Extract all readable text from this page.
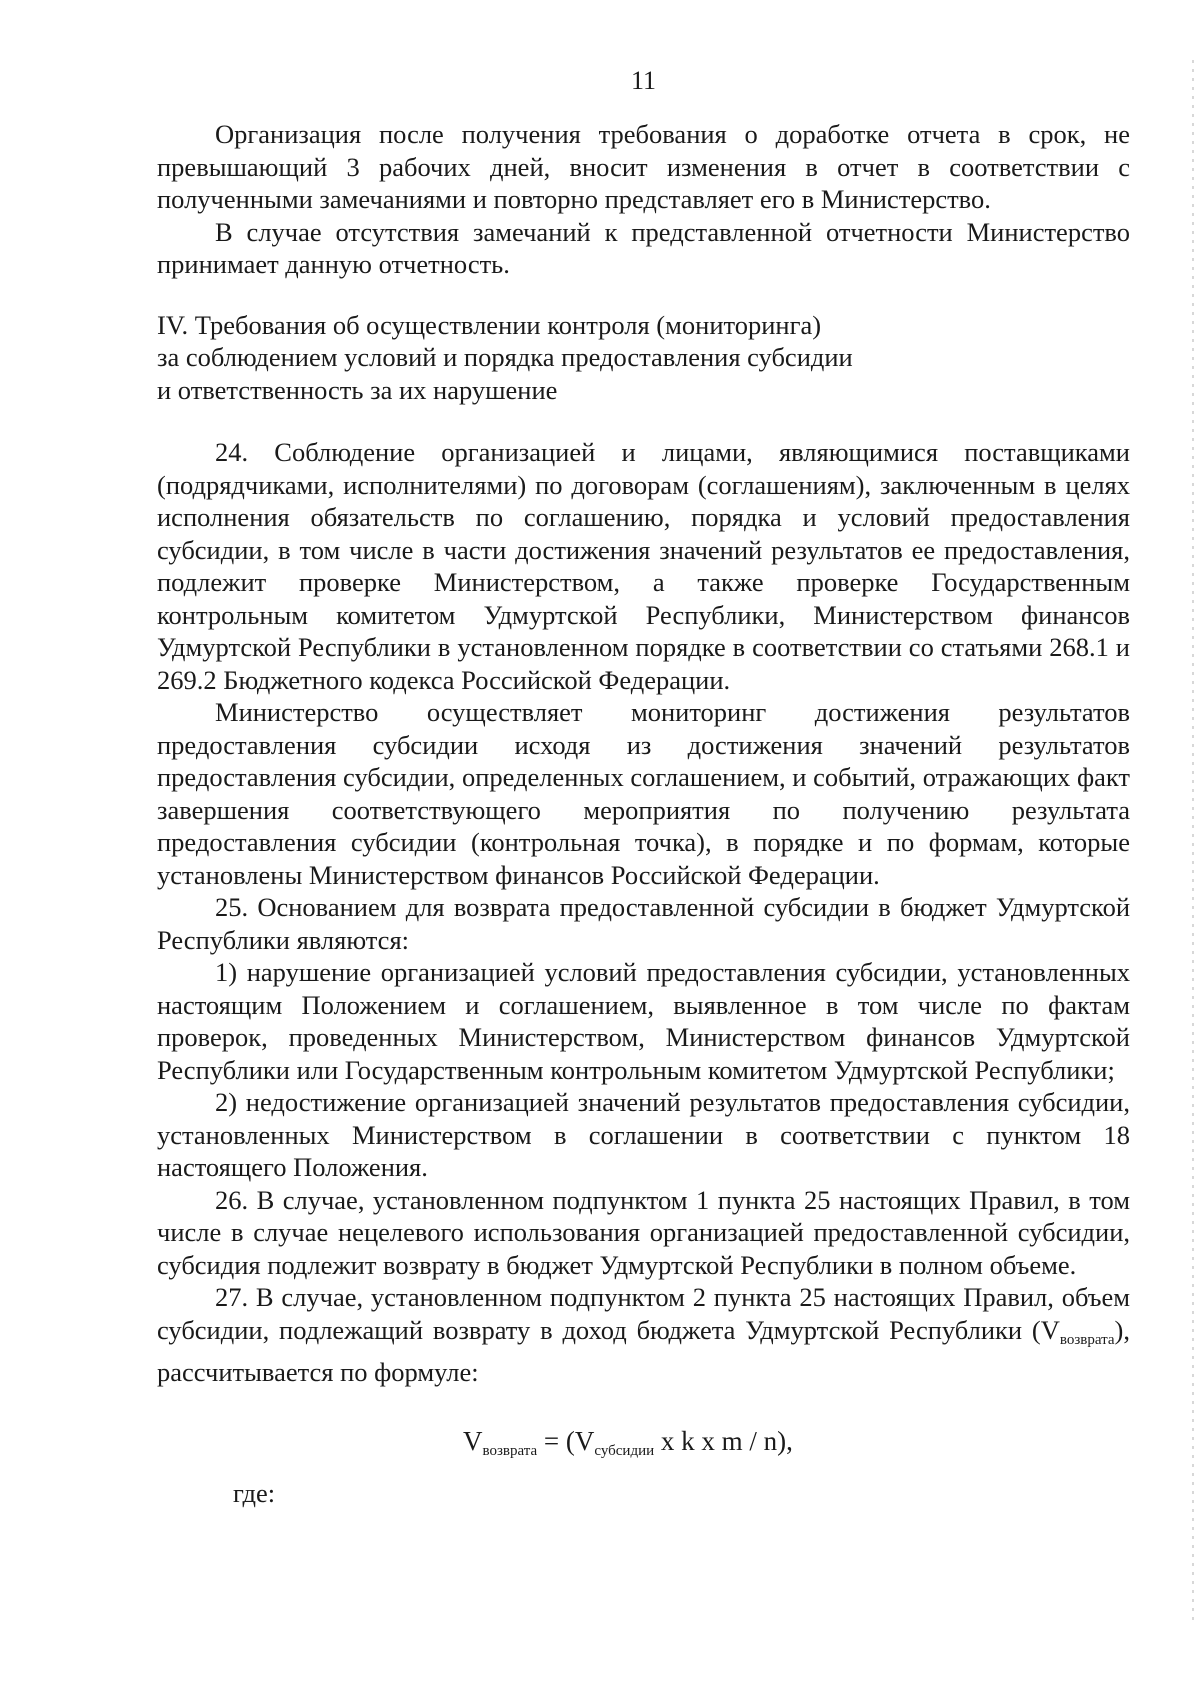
11

Организация после получения требования о доработке отчета в срок, не превышающий 3 рабочих дней, вносит изменения в отчет в соответствии с полученными замечаниями и повторно представляет его в Министерство.

В случае отсутствия замечаний к представленной отчетности Министерство принимает данную отчетность.

IV. Требования об осуществлении контроля (мониторинга)
за соблюдением условий и порядка предоставления субсидии
и ответственность за их нарушение

24. Соблюдение организацией и лицами, являющимися поставщиками (подрядчиками, исполнителями) по договорам (соглашениям), заключенным в целях исполнения обязательств по соглашению, порядка и условий предоставления субсидии, в том числе в части достижения значений результатов ее предоставления, подлежит проверке Министерством, а также проверке Государственным контрольным комитетом Удмуртской Республики, Министерством финансов Удмуртской Республики в установленном порядке в соответствии со статьями 268.1 и 269.2 Бюджетного кодекса Российской Федерации.

Министерство осуществляет мониторинг достижения результатов предоставления субсидии исходя из достижения значений результатов предоставления субсидии, определенных соглашением, и событий, отражающих факт завершения соответствующего мероприятия по получению результата предоставления субсидии (контрольная точка), в порядке и по формам, которые установлены Министерством финансов Российской Федерации.

25. Основанием для возврата предоставленной субсидии в бюджет Удмуртской Республики являются:

1) нарушение организацией условий предоставления субсидии, установленных настоящим Положением и соглашением, выявленное в том числе по фактам проверок, проведенных Министерством, Министерством финансов Удмуртской Республики или Государственным контрольным комитетом Удмуртской Республики;

2) недостижение организацией значений результатов предоставления субсидии, установленных Министерством в соглашении в соответствии с пунктом 18 настоящего Положения.

26. В случае, установленном подпунктом 1 пункта 25 настоящих Правил, в том числе в случае нецелевого использования организацией предоставленной субсидии, субсидия подлежит возврату в бюджет Удмуртской Республики в полном объеме.

27. В случае, установленном подпунктом 2 пункта 25 настоящих Правил, объем субсидии, подлежащий возврату в доход бюджета Удмуртской Республики $(V_{возврата})$, рассчитывается по формуле:

$V_{возврата} = (V_{субсидии}$ x k x m / n),

где:
